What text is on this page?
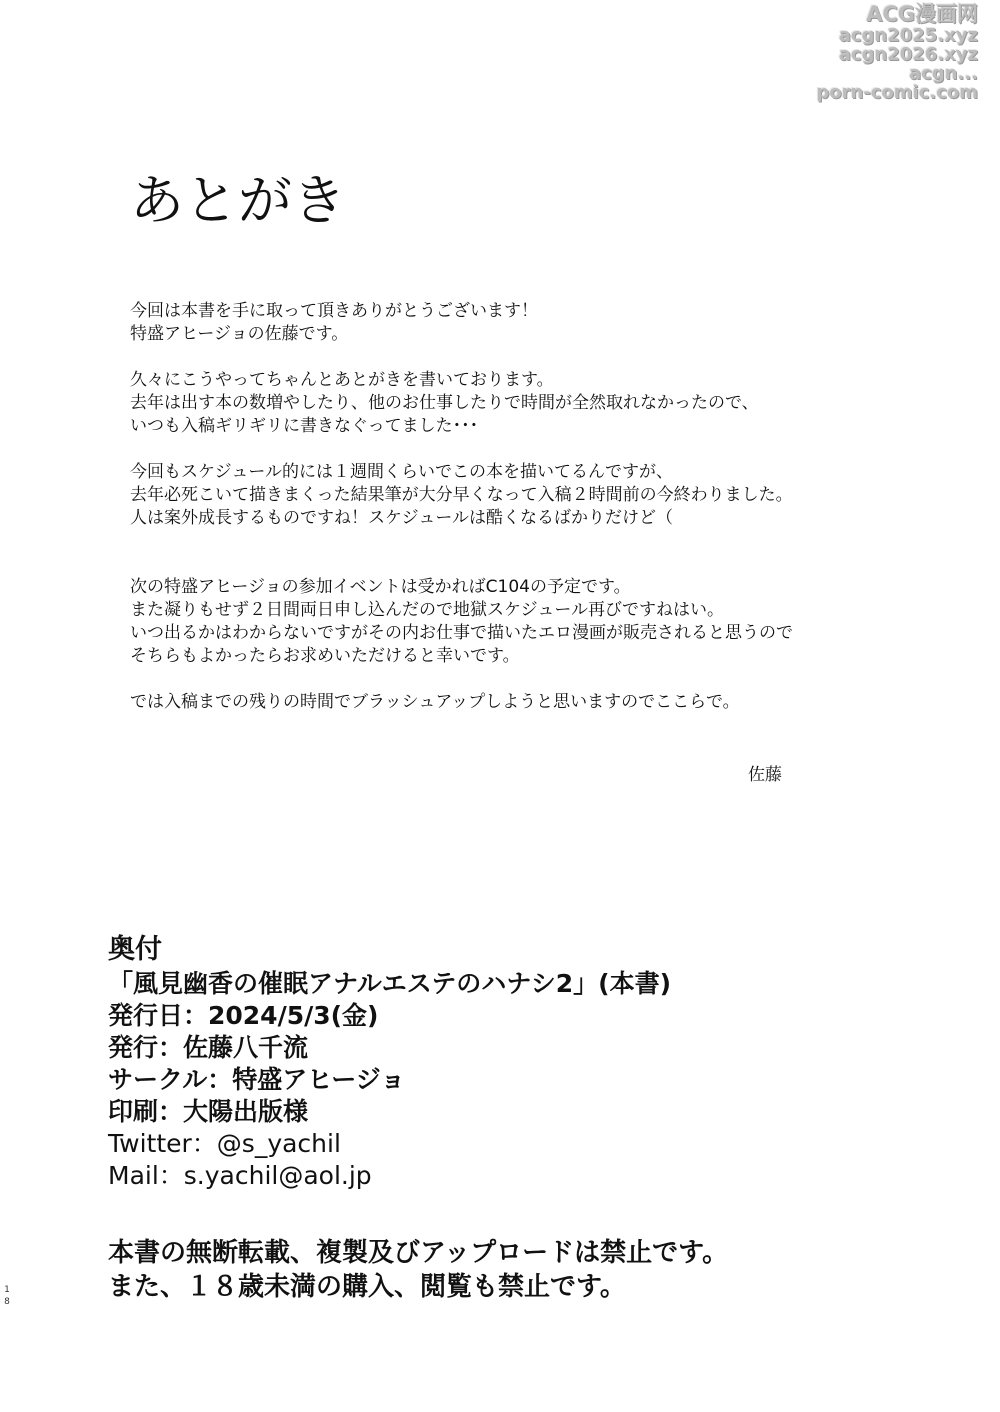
ACG漫画网
acgn2025.xyz
acgn2026.xyz
acgn...
porn-comic.com
あとがき
今回は本書を手に取って頂きありがとうございます！
特盛アヒージョの佐藤です。
久々にこうやってちゃんとあとがきを書いております。
去年は出す本の数増やしたり、他のお仕事したりで時間が全然取れなかったので、
いつも入稿ギリギリに書きなぐってました･･･
今回もスケジュール的には１週間くらいでこの本を描いてるんですが、
去年必死こいて描きまくった結果筆が大分早くなって入稿２時間前の今終わりました。
人は案外成長するものですね！スケジュールは酷くなるばかりだけど（
次の特盛アヒージョの参加イベントは受かればC104の予定です。
また凝りもせず２日間両日申し込んだので地獄スケジュール再びですねはい。
いつ出るかはわからないですがその内お仕事で描いたエロ漫画が販売されると思うので
そちらもよかったらお求めいただけると幸いです。
では入稿までの残りの時間でブラッシュアップしようと思いますのでここらで。
佐藤
奥付
「風見幽香の催眠アナルエステのハナシ2」(本書)
発行日：2024/5/3(金)
発行：佐藤八千流
サークル：特盛アヒージョ
印刷：大陽出版様
Twitter：@s_yachil
Mail：s.yachil@aol.jp
本書の無断転載、複製及びアップロードは禁止です。
また、１８歳未満の購入、閲覧も禁止です。
1
8
